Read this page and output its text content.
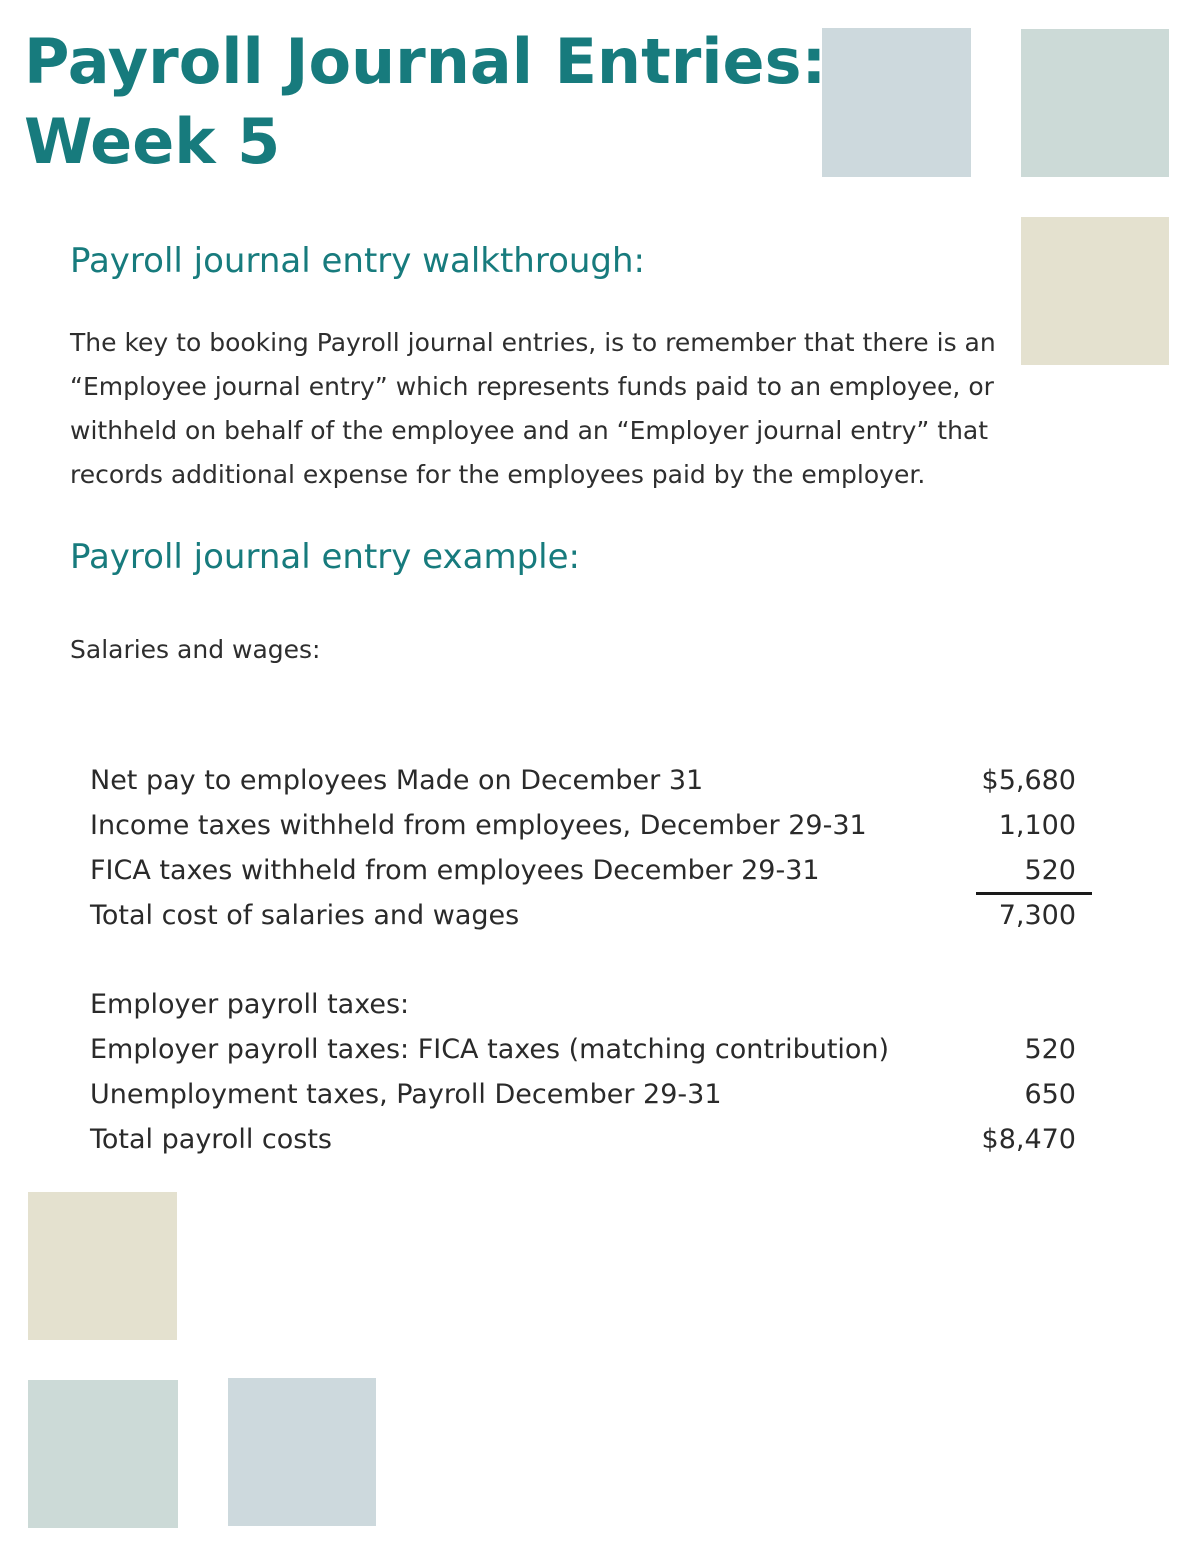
Payroll Journal Entries:
Week 5
Payroll journal entry walkthrough:

The key to booking Payroll journal entries, is to remember that there is an “Employee journal entry” which represents funds paid to an employee, or withheld on behalf of the employee and an “Employer journal entry” that records additional expense for the employees paid by the employer.

Payroll journal entry example:

Salaries and wages:

Net pay to employees Made on December 31	$5,680
Income taxes withheld from employees, December 29-31	1,100
FICA taxes withheld from employees December 29-31	520
Total cost of salaries and wages	7,300
Employer payroll taxes:
Employer payroll taxes: FICA taxes (matching contribution)	520
Unemployment taxes, Payroll December 29-31	650
Total payroll costs	$8,470
